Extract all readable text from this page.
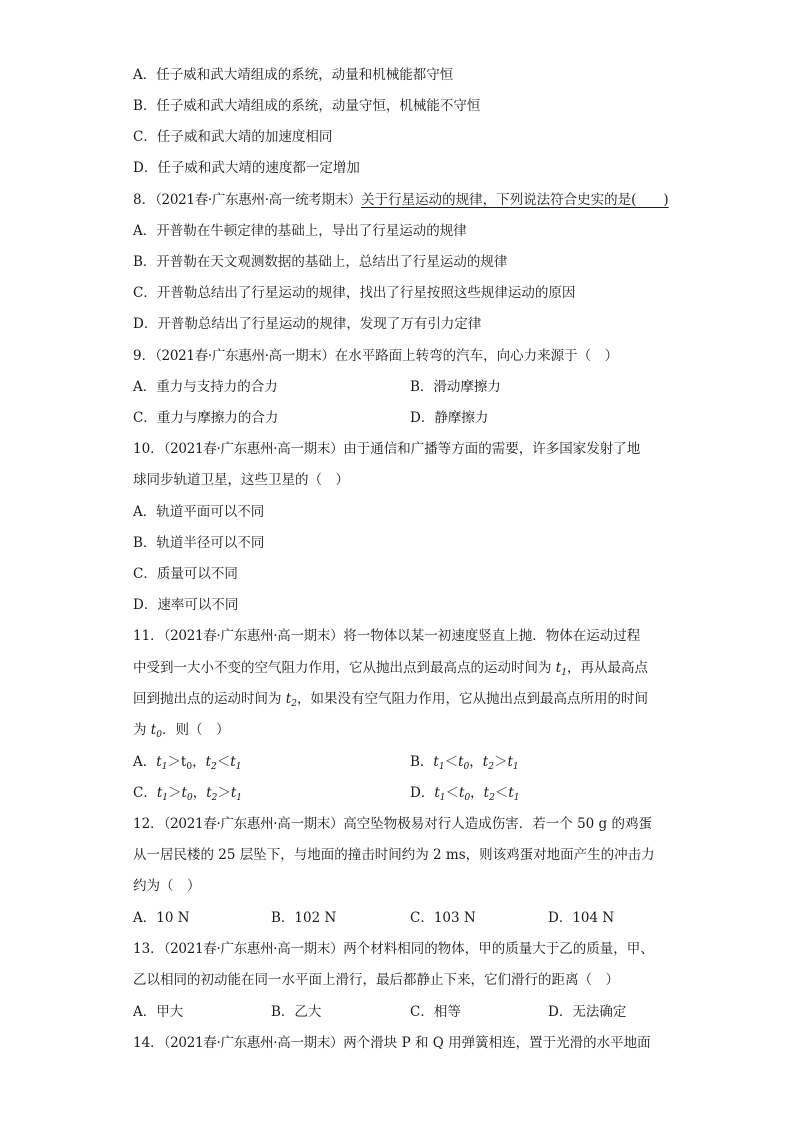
A．任子威和武大靖组成的系统，动量和机械能都守恒
B．任子威和武大靖组成的系统，动量守恒，机械能不守恒
C．任子威和武大靖的加速度相同
D．任子威和武大靖的速度都一定增加
8．（2021春·广东惠州·高一统考期末）关于行星运动的规律，下列说法符合史实的是(　　)
A．开普勒在牛顿定律的基础上，导出了行星运动的规律
B．开普勒在天文观测数据的基础上，总结出了行星运动的规律
C．开普勒总结出了行星运动的规律，找出了行星按照这些规律运动的原因
D．开普勒总结出了行星运动的规律，发现了万有引力定律
9．（2021春·广东惠州·高一期末）在水平路面上转弯的汽车，向心力来源于（　）
A．重力与支持力的合力	B．滑动摩擦力
C．重力与摩擦力的合力	D．静摩擦力
10．（2021春·广东惠州·高一期末）由于通信和广播等方面的需要，许多国家发射了地
球同步轨道卫星，这些卫星的（　）
A．轨道平面可以不同
B．轨道半径可以不同
C．质量可以不同
D．速率可以不同
11．（2021春·广东惠州·高一期末）将一物体以某一初速度竖直上抛．物体在运动过程
中受到一大小不变的空气阻力作用，它从抛出点到最高点的运动时间为 $t_1$，再从最高点
回到抛出点的运动时间为 $t_2$，如果没有空气阻力作用，它从抛出点到最高点所用的时间
为 $t_0$．则（　）
A．$t_1>t_0$，$t_2<t_1$	B．$t_1<t_0$，$t_2>t_1$
C．$t_1>t_0$，$t_2>t_1$	D．$t_1<t_0$，$t_2<t_1$
12．（2021春·广东惠州·高一期末）高空坠物极易对行人造成伤害．若一个 50 g 的鸡蛋
从一居民楼的 25 层坠下，与地面的撞击时间约为 2 ms，则该鸡蛋对地面产生的冲击力
约为（　）
A．10 N	B．102 N	C．103 N	D．104 N
13．（2021春·广东惠州·高一期末）两个材料相同的物体，甲的质量大于乙的质量，甲、
乙以相同的初动能在同一水平面上滑行，最后都静止下来，它们滑行的距离（　）
A．甲大	B．乙大	C．相等	D．无法确定
14．（2021春·广东惠州·高一期末）两个滑块 P 和 Q 用弹簧相连，置于光滑的水平地面
